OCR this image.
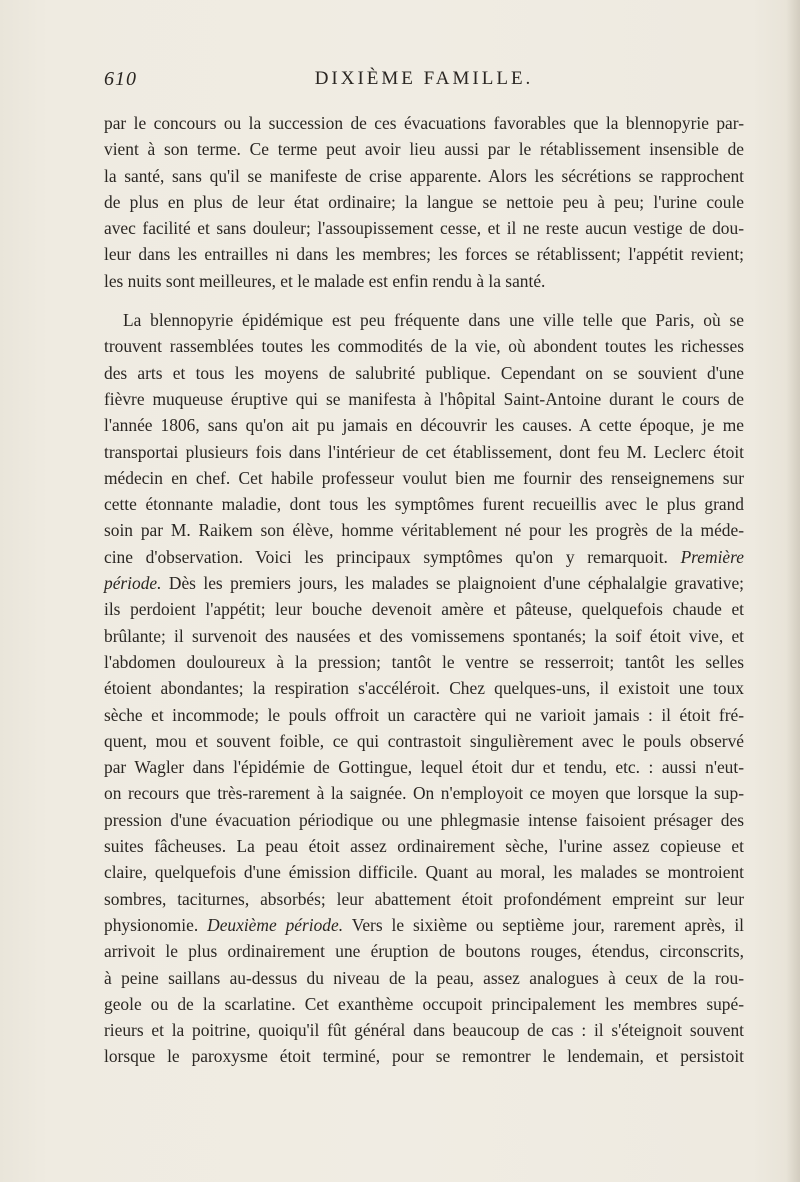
610	DIXIÈME FAMILLE.
par le concours ou la succession de ces évacuations favorables que la blennopyrie par-
vient à son terme. Ce terme peut avoir lieu aussi par le rétablissement insensible de
la santé, sans qu'il se manifeste de crise apparente. Alors les sécrétions se rapprochent
de plus en plus de leur état ordinaire; la langue se nettoie peu à peu; l'urine coule
avec facilité et sans douleur; l'assoupissement cesse, et il ne reste aucun vestige de dou-
leur dans les entrailles ni dans les membres; les forces se rétablissent; l'appétit revient;
les nuits sont meilleures, et le malade est enfin rendu à la santé.
La blennopyrie épidémique est peu fréquente dans une ville telle que Paris, où se
trouvent rassemblées toutes les commodités de la vie, où abondent toutes les richesses
des arts et tous les moyens de salubrité publique. Cependant on se souvient d'une
fièvre muqueuse éruptive qui se manifesta à l'hôpital Saint-Antoine durant le cours de
l'année 1806, sans qu'on ait pu jamais en découvrir les causes. A cette époque, je me
transportai plusieurs fois dans l'intérieur de cet établissement, dont feu M. Leclerc étoit
médecin en chef. Cet habile professeur voulut bien me fournir des renseignemens sur
cette étonnante maladie, dont tous les symptômes furent recueillis avec le plus grand
soin par M. Raikem son élève, homme véritablement né pour les progrès de la méde-
cine d'observation. Voici les principaux symptômes qu'on y remarquoit. Première
période. Dès les premiers jours, les malades se plaignoient d'une céphalalgie gravative;
ils perdoient l'appétit; leur bouche devenoit amère et pâteuse, quelquefois chaude et
brûlante; il survenoit des nausées et des vomissemens spontanés; la soif étoit vive, et
l'abdomen douloureux à la pression; tantôt le ventre se resserroit; tantôt les selles
étoient abondantes; la respiration s'accéléroit. Chez quelques-uns, il existoit une toux
sèche et incommode; le pouls offroit un caractère qui ne varioit jamais : il étoit fré-
quent, mou et souvent foible, ce qui contrastoit singulièrement avec le pouls observé
par Wagler dans l'épidémie de Gottingue, lequel étoit dur et tendu, etc. : aussi n'eut-
on recours que très-rarement à la saignée. On n'employoit ce moyen que lorsque la sup-
pression d'une évacuation périodique ou une phlegmasie intense faisoient présager des
suites fâcheuses. La peau étoit assez ordinairement sèche, l'urine assez copieuse et
claire, quelquefois d'une émission difficile. Quant au moral, les malades se montroient
sombres, taciturnes, absorbés; leur abattement étoit profondément empreint sur leur
physionomie. Deuxième période. Vers le sixième ou septième jour, rarement après, il
arrivoit le plus ordinairement une éruption de boutons rouges, étendus, circonscrits,
à peine saillans au-dessus du niveau de la peau, assez analogues à ceux de la rou-
geole ou de la scarlatine. Cet exanthème occupoit principalement les membres supé-
rieurs et la poitrine, quoiqu'il fût général dans beaucoup de cas : il s'éteignoit souvent
lorsque le paroxysme étoit terminé, pour se remontrer le lendemain, et persistoit
